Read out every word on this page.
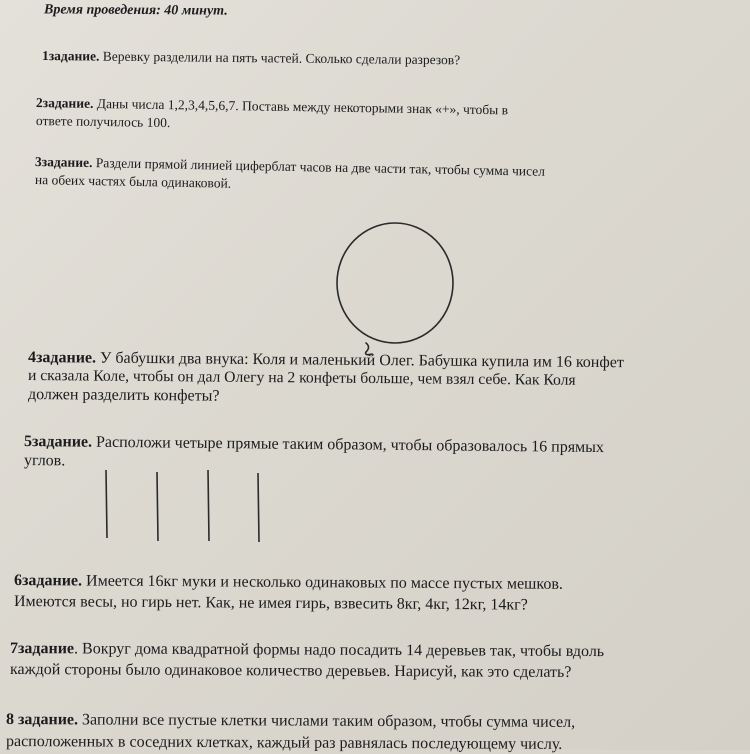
Время проведения: 40 минут.
1задание. Веревку разделили на пять частей. Сколько сделали разрезов?
2задание. Даны числа 1,2,3,4,5,6,7. Поставь между некоторыми знак «+», чтобы в
ответе получилось 100.
3задание. Раздели прямой линией циферблат часов на две части так, чтобы сумма чисел
на обеих частях была одинаковой.
4задание. У бабушки два внука: Коля и маленький Олег. Бабушка купила им 16 конфет
и сказала Коле, чтобы он дал Олегу на 2 конфеты больше, чем взял себе. Как Коля
должен разделить конфеты?
5задание. Расположи четыре прямые таким образом, чтобы образовалось 16 прямых
углов.
6задание. Имеется 16кг муки и несколько одинаковых по массе пустых мешков.
Имеются весы, но гирь нет. Как, не имея гирь, взвесить 8кг, 4кг, 12кг, 14кг?
7задание. Вокруг дома квадратной формы надо посадить 14 деревьев так, чтобы вдоль
каждой стороны было одинаковое количество деревьев. Нарисуй, как это сделать?
8 задание. Заполни все пустые клетки числами таким образом, чтобы сумма чисел,
расположенных в соседних клетках, каждый раз равнялась последующему числу.
